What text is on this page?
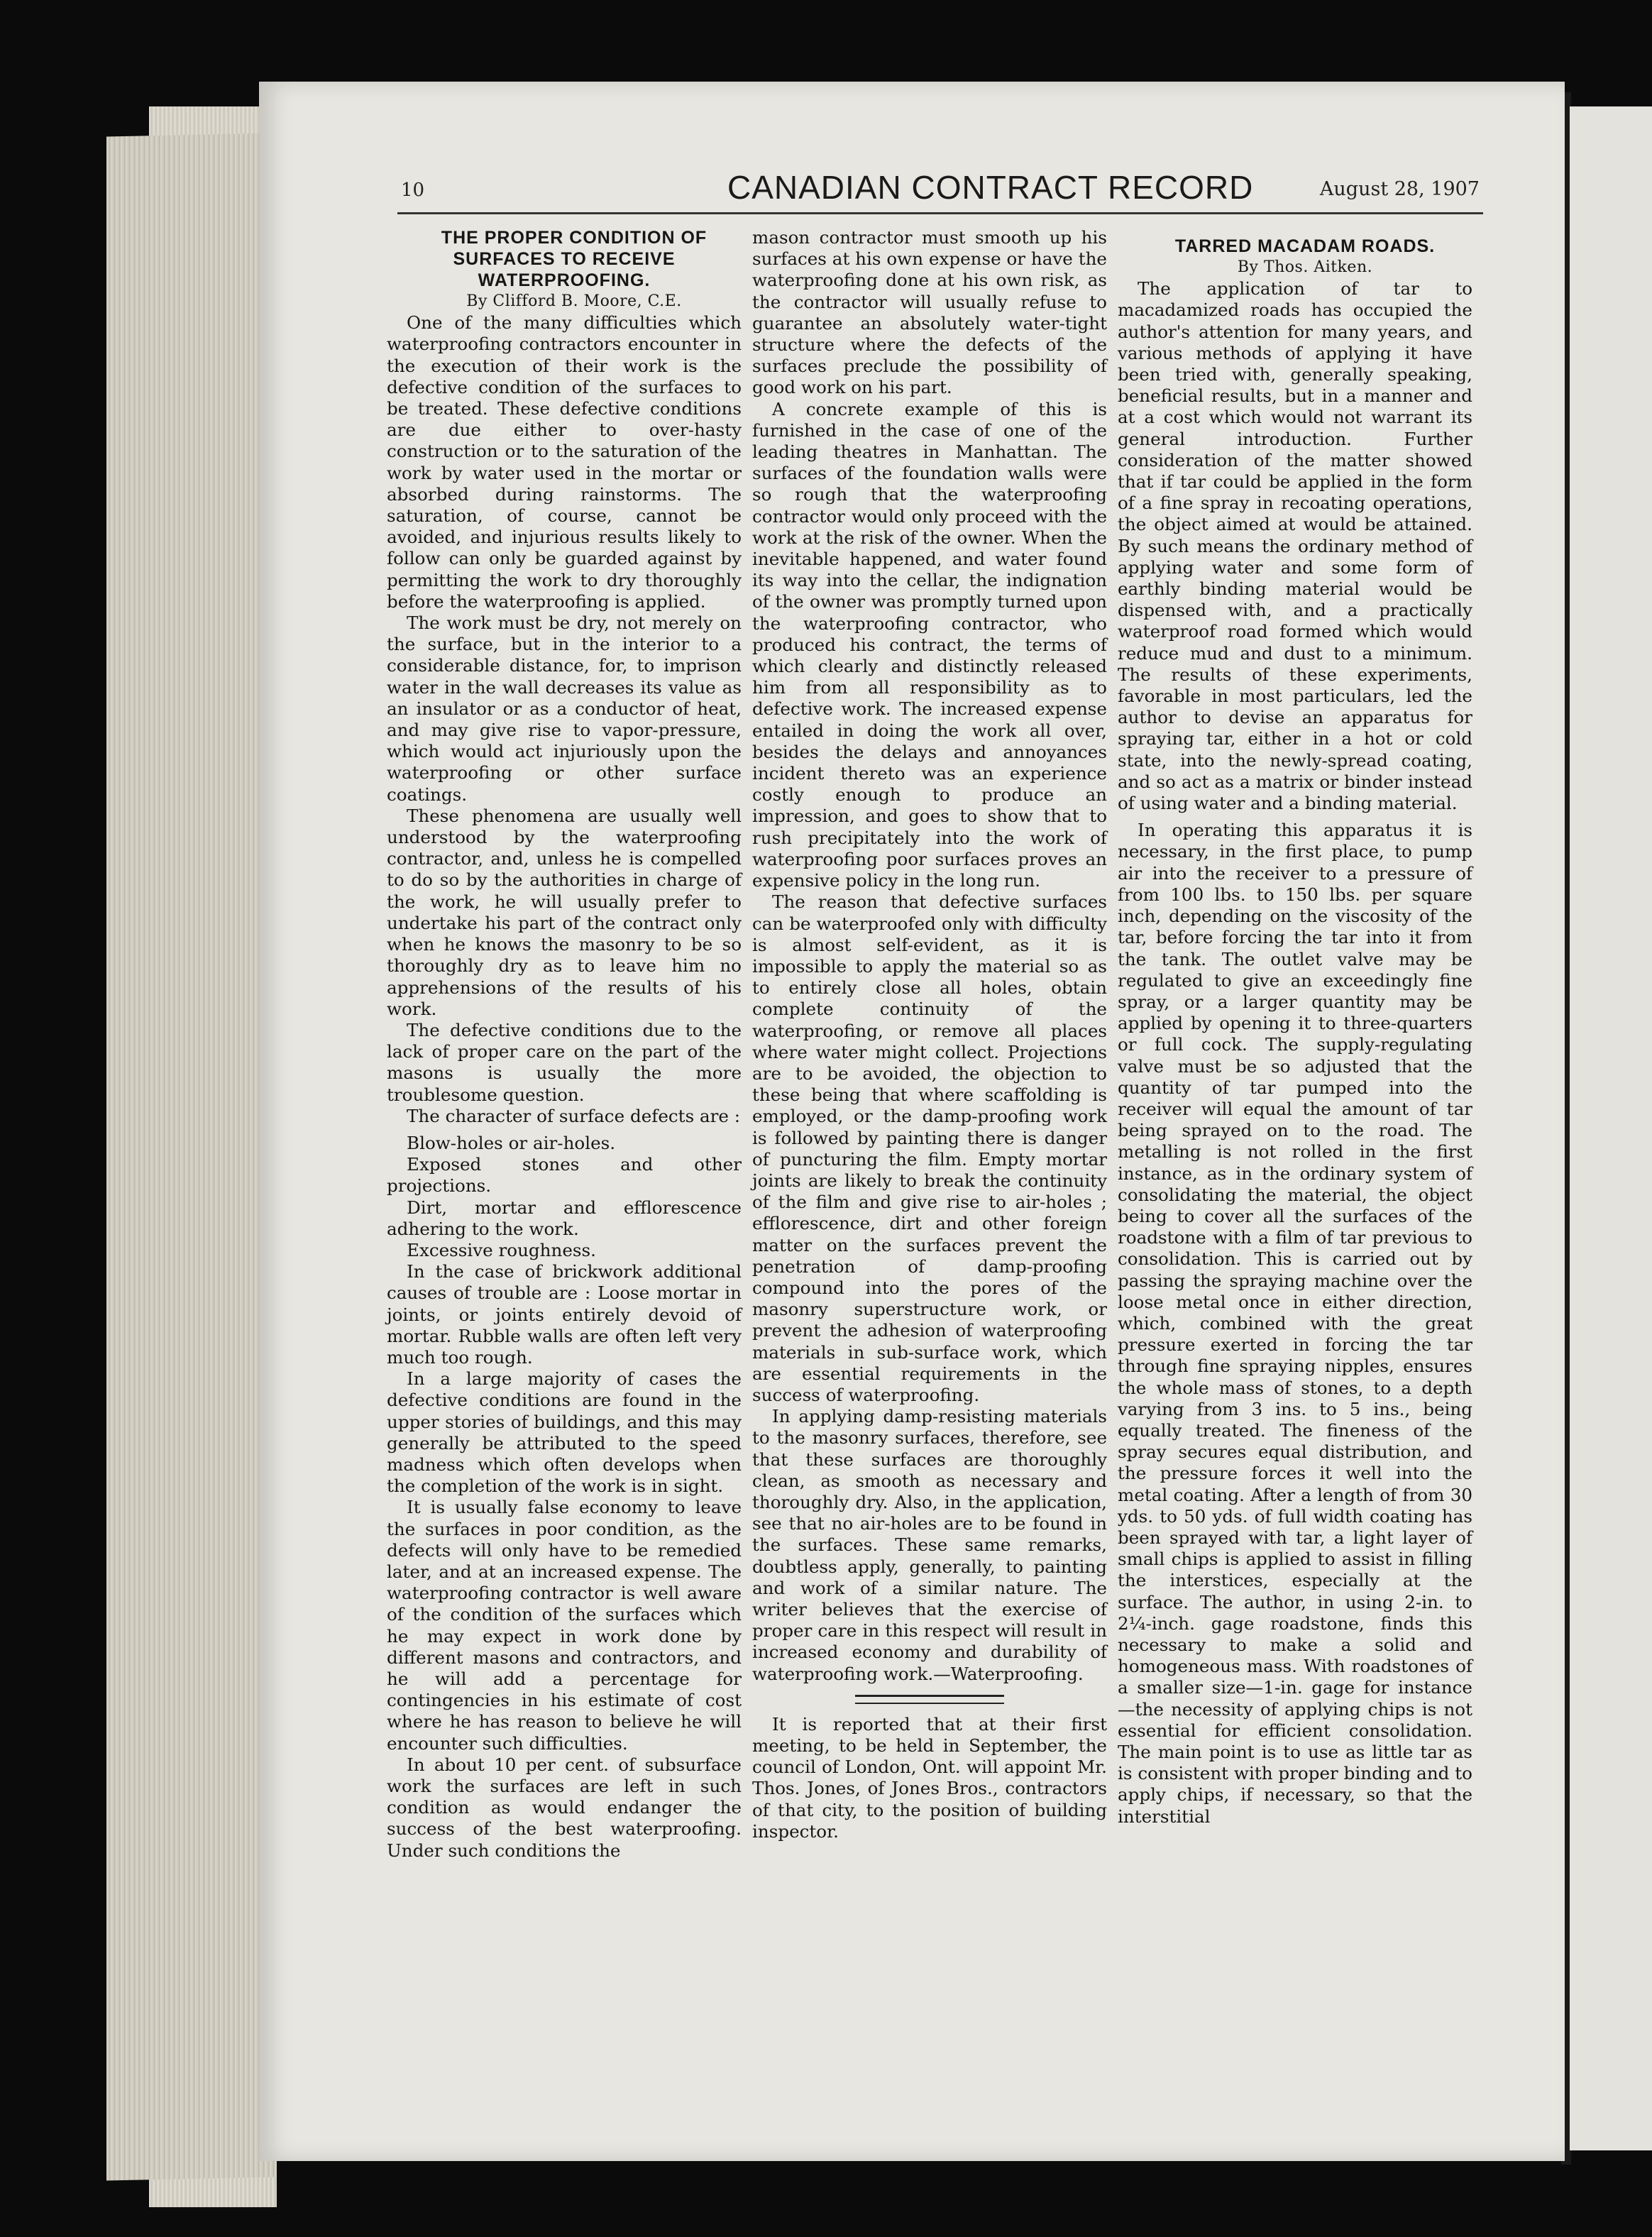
10	CANADIAN CONTRACT RECORD	August 28, 1907

THE PROPER CONDITION OF SURFACES TO RECEIVE WATERPROOFING.

By Clifford B. Moore, C.E.

One of the many difficulties which waterproofing contractors encounter in the execution of their work is the defective condition of the surfaces to be treated. These defective conditions are due either to over-hasty construction or to the saturation of the work by water used in the mortar or absorbed during rainstorms. The saturation, of course, cannot be avoided, and injurious results likely to follow can only be guarded against by permitting the work to dry thoroughly before the waterproofing is applied.

The work must be dry, not merely on the surface, but in the interior to a considerable distance, for, to imprison water in the wall decreases its value as an insulator or as a conductor of heat, and may give rise to vapor-pressure, which would act injuriously upon the waterproofing or other surface coatings.

These phenomena are usually well understood by the waterproofing contractor, and, unless he is compelled to do so by the authorities in charge of the work, he will usually prefer to undertake his part of the contract only when he knows the masonry to be so thoroughly dry as to leave him no apprehensions of the results of his work.

The defective conditions due to the lack of proper care on the part of the masons is usually the more troublesome question.

The character of surface defects are :

Blow-holes or air-holes.

Exposed stones and other projections.

Dirt, mortar and efflorescence adhering to the work.

Excessive roughness.

In the case of brickwork additional causes of trouble are : Loose mortar in joints, or joints entirely devoid of mortar. Rubble walls are often left very much too rough.

In a large majority of cases the defective conditions are found in the upper stories of buildings, and this may generally be attributed to the speed madness which often develops when the completion of the work is in sight.

It is usually false economy to leave the surfaces in poor condition, as the defects will only have to be remedied later, and at an increased expense. The waterproofing contractor is well aware of the condition of the surfaces which he may expect in work done by different masons and contractors, and he will add a percentage for contingencies in his estimate of cost where he has reason to believe he will encounter such difficulties.

In about 10 per cent. of subsurface work the surfaces are left in such condition as would endanger the success of the best waterproofing. Under such conditions the

mason contractor must smooth up his surfaces at his own expense or have the waterproofing done at his own risk, as the contractor will usually refuse to guarantee an absolutely water-tight structure where the defects of the surfaces preclude the possibility of good work on his part.

A concrete example of this is furnished in the case of one of the leading theatres in Manhattan. The surfaces of the foundation walls were so rough that the waterproofing contractor would only proceed with the work at the risk of the owner. When the inevitable happened, and water found its way into the cellar, the indignation of the owner was promptly turned upon the waterproofing contractor, who produced his contract, the terms of which clearly and distinctly released him from all responsibility as to defective work. The increased expense entailed in doing the work all over, besides the delays and annoyances incident thereto was an experience costly enough to produce an impression, and goes to show that to rush precipitately into the work of waterproofing poor surfaces proves an expensive policy in the long run.

The reason that defective surfaces can be waterproofed only with difficulty is almost self-evident, as it is impossible to apply the material so as to entirely close all holes, obtain complete continuity of the waterproofing, or remove all places where water might collect. Projections are to be avoided, the objection to these being that where scaffolding is employed, or the damp-proofing work is followed by painting there is danger of puncturing the film. Empty mortar joints are likely to break the continuity of the film and give rise to air-holes ; efflorescence, dirt and other foreign matter on the surfaces prevent the penetration of damp-proofing compound into the pores of the masonry superstructure work, or prevent the adhesion of waterproofing materials in sub-surface work, which are essential requirements in the success of waterproofing.

In applying damp-resisting materials to the masonry surfaces, therefore, see that these surfaces are thoroughly clean, as smooth as necessary and thoroughly dry. Also, in the application, see that no air-holes are to be found in the surfaces. These same remarks, doubtless apply, generally, to painting and work of a similar nature. The writer believes that the exercise of proper care in this respect will result in increased economy and durability of waterproofing work.—Waterproofing.

It is reported that at their first meeting, to be held in September, the council of London, Ont. will appoint Mr. Thos. Jones, of Jones Bros., contractors of that city, to the position of building inspector.

TARRED MACADAM ROADS.

By Thos. Aitken.

The application of tar to macadamized roads has occupied the author's attention for many years, and various methods of applying it have been tried with, generally speaking, beneficial results, but in a manner and at a cost which would not warrant its general introduction. Further consideration of the matter showed that if tar could be applied in the form of a fine spray in recoating operations, the object aimed at would be attained. By such means the ordinary method of applying water and some form of earthly binding material would be dispensed with, and a practically waterproof road formed which would reduce mud and dust to a minimum. The results of these experiments, favorable in most particulars, led the author to devise an apparatus for spraying tar, either in a hot or cold state, into the newly-spread coating, and so act as a matrix or binder instead of using water and a binding material.

In operating this apparatus it is necessary, in the first place, to pump air into the receiver to a pressure of from 100 lbs. to 150 lbs. per square inch, depending on the viscosity of the tar, before forcing the tar into it from the tank. The outlet valve may be regulated to give an exceedingly fine spray, or a larger quantity may be applied by opening it to three-quarters or full cock. The supply-regulating valve must be so adjusted that the quantity of tar pumped into the receiver will equal the amount of tar being sprayed on to the road. The metalling is not rolled in the first instance, as in the ordinary system of consolidating the material, the object being to cover all the surfaces of the roadstone with a film of tar previous to consolidation. This is carried out by passing the spraying machine over the loose metal once in either direction, which, combined with the great pressure exerted in forcing the tar through fine spraying nipples, ensures the whole mass of stones, to a depth varying from 3 ins. to 5 ins., being equally treated. The fineness of the spray secures equal distribution, and the pressure forces it well into the metal coating. After a length of from 30 yds. to 50 yds. of full width coating has been sprayed with tar, a light layer of small chips is applied to assist in filling the interstices, especially at the surface. The author, in using 2-in. to 2¼-inch. gage roadstone, finds this necessary to make a solid and homogeneous mass. With roadstones of a smaller size—1-in. gage for instance—the necessity of applying chips is not essential for efficient consolidation. The main point is to use as little tar as is consistent with proper binding and to apply chips, if necessary, so that the interstitial
